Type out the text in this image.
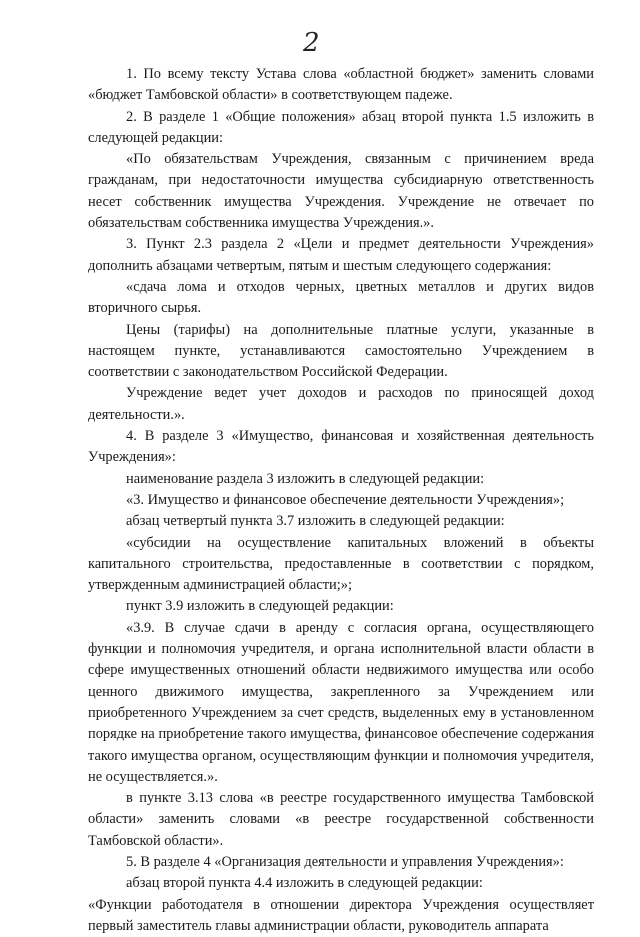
2

1. По всему тексту Устава слова «областной бюджет» заменить словами «бюджет Тамбовской области» в соответствующем падеже.

2. В разделе 1 «Общие положения» абзац второй пункта 1.5 изложить в следующей редакции:

«По обязательствам Учреждения, связанным с причинением вреда гражданам, при недостаточности имущества субсидиарную ответственность несет собственник имущества Учреждения. Учреждение не отвечает по обязательствам собственника имущества Учреждения.».

3. Пункт 2.3 раздела 2 «Цели и предмет деятельности Учреждения» дополнить абзацами четвертым, пятым и шестым следующего содержания:

«сдача лома и отходов черных, цветных металлов и других видов вторичного сырья.

Цены (тарифы) на дополнительные платные услуги, указанные в настоящем пункте, устанавливаются самостоятельно Учреждением в соответствии с законодательством Российской Федерации.

Учреждение ведет учет доходов и расходов по приносящей доход деятельности.».

4. В разделе 3 «Имущество, финансовая и хозяйственная деятельность Учреждения»:

наименование раздела 3 изложить в следующей редакции:

«3. Имущество и финансовое обеспечение деятельности Учреждения»;

абзац четвертый пункта 3.7 изложить в следующей редакции:

«субсидии на осуществление капитальных вложений в объекты капитального строительства, предоставленные в соответствии с порядком, утвержденным администрацией области;»;

пункт 3.9 изложить в следующей редакции:

«3.9. В случае сдачи в аренду с согласия органа, осуществляющего функции и полномочия учредителя, и органа исполнительной власти области в сфере имущественных отношений области недвижимого имущества или особо ценного движимого имущества, закрепленного за Учреждением или приобретенного Учреждением за счет средств, выделенных ему в установленном порядке на приобретение такого имущества, финансовое обеспечение содержания такого имущества органом, осуществляющим функции и полномочия учредителя, не осуществляется.».

в пункте 3.13 слова «в реестре государственного имущества Тамбовской области» заменить словами «в реестре государственной собственности Тамбовской области».

5. В разделе 4 «Организация деятельности и управления Учреждения»:

абзац второй пункта 4.4 изложить в следующей редакции:

«Функции работодателя в отношении директора Учреждения осуществляет первый заместитель главы администрации области, руководитель аппарата
